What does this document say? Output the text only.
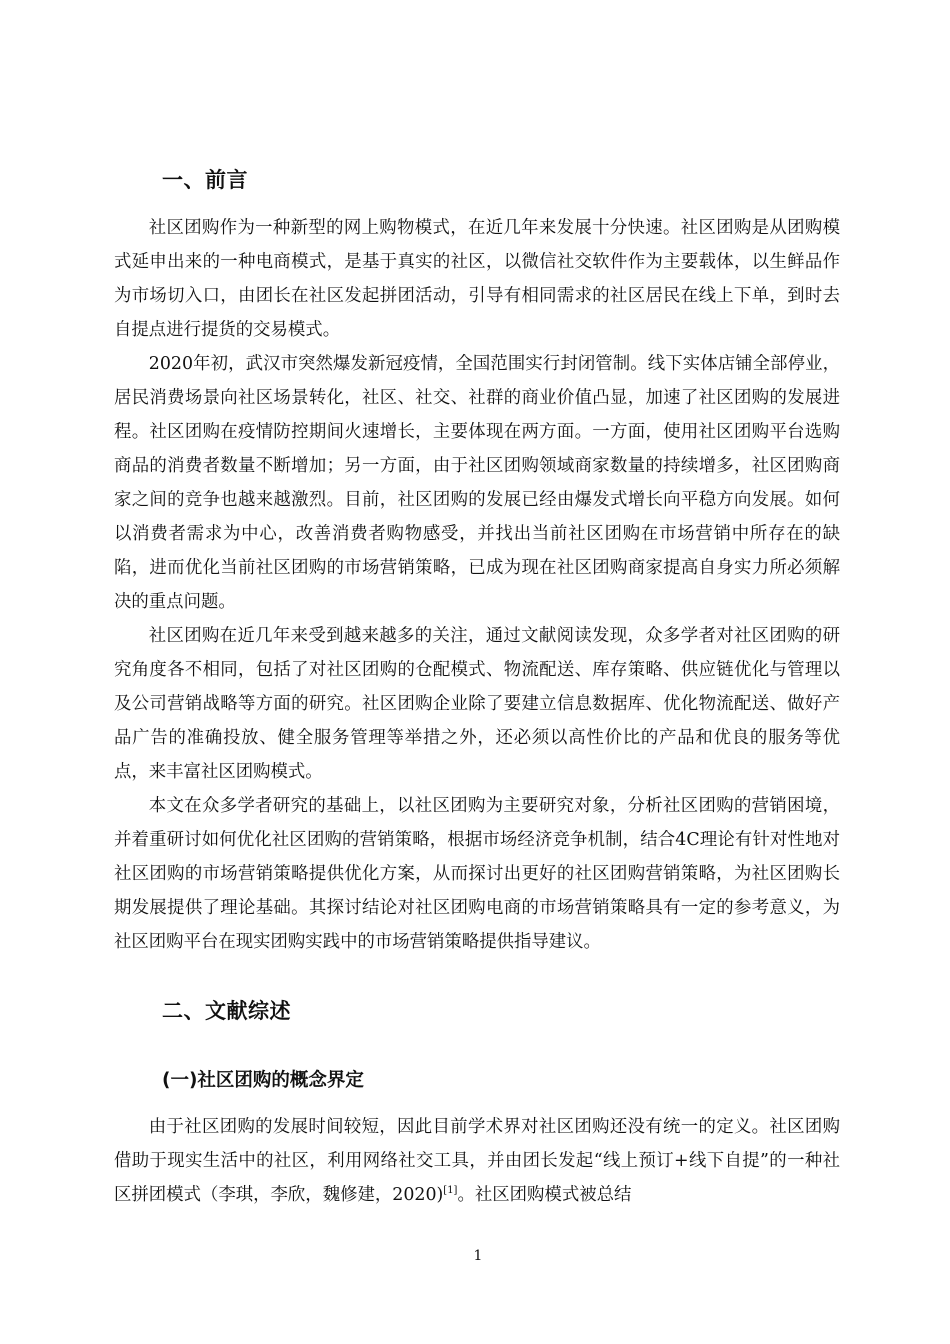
一、前言

社区团购作为一种新型的网上购物模式，在近几年来发展十分快速。社区团购是从团购模式延申出来的一种电商模式，是基于真实的社区，以微信社交软件作为主要载体，以生鲜品作为市场切入口，由团长在社区发起拼团活动，引导有相同需求的社区居民在线上下单，到时去自提点进行提货的交易模式。

2020年初，武汉市突然爆发新冠疫情，全国范围实行封闭管制。线下实体店铺全部停业，居民消费场景向社区场景转化，社区、社交、社群的商业价值凸显，加速了社区团购的发展进程。社区团购在疫情防控期间火速增长，主要体现在两方面。一方面，使用社区团购平台选购商品的消费者数量不断增加；另一方面，由于社区团购领域商家数量的持续增多，社区团购商家之间的竞争也越来越激烈。目前，社区团购的发展已经由爆发式增长向平稳方向发展。如何以消费者需求为中心，改善消费者购物感受，并找出当前社区团购在市场营销中所存在的缺陷，进而优化当前社区团购的市场营销策略，已成为现在社区团购商家提高自身实力所必须解决的重点问题。

社区团购在近几年来受到越来越多的关注，通过文献阅读发现，众多学者对社区团购的研究角度各不相同，包括了对社区团购的仓配模式、物流配送、库存策略、供应链优化与管理以及公司营销战略等方面的研究。社区团购企业除了要建立信息数据库、优化物流配送、做好产品广告的准确投放、健全服务管理等举措之外，还必须以高性价比的产品和优良的服务等优点，来丰富社区团购模式。

本文在众多学者研究的基础上，以社区团购为主要研究对象，分析社区团购的营销困境，并着重研讨如何优化社区团购的营销策略，根据市场经济竞争机制，结合4C理论有针对性地对社区团购的市场营销策略提供优化方案，从而探讨出更好的社区团购营销策略，为社区团购长期发展提供了理论基础。其探讨结论对社区团购电商的市场营销策略具有一定的参考意义，为社区团购平台在现实团购实践中的市场营销策略提供指导建议。

二、文献综述
(一)社区团购的概念界定

由于社区团购的发展时间较短，因此目前学术界对社区团购还没有统一的定义。社区团购借助于现实生活中的社区，利用网络社交工具，并由团长发起“线上预订+线下自提”的一种社区拼团模式（李琪，李欣，魏修建，2020)[1]。社区团购模式被总结

1
